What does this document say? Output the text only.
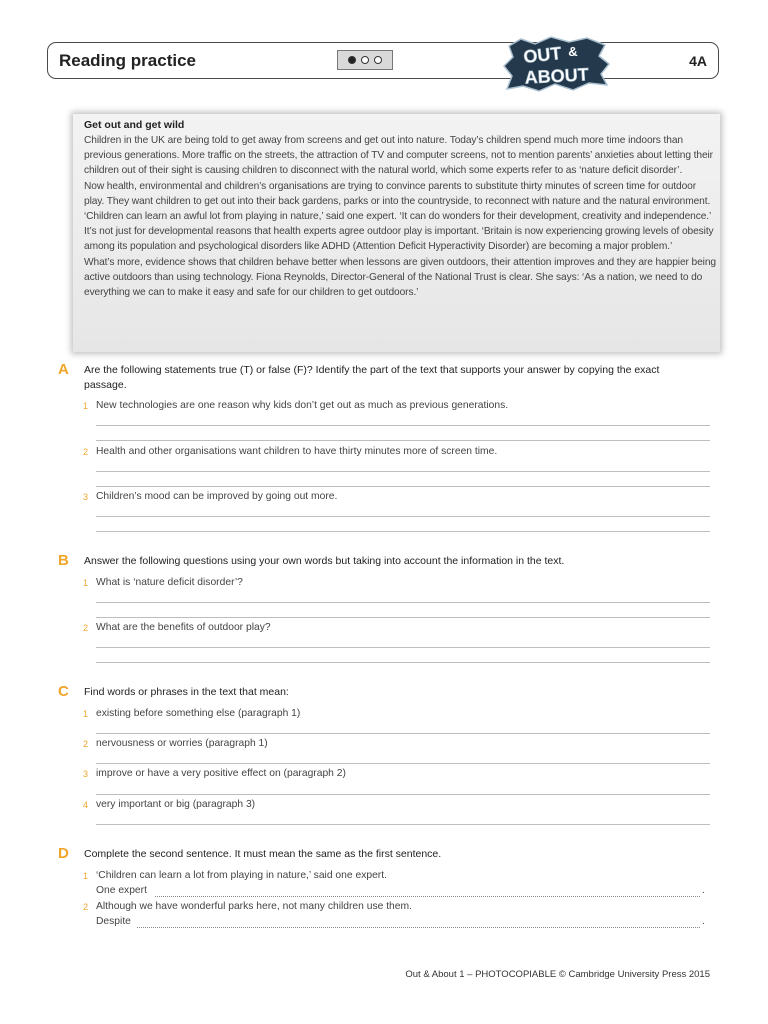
Reading practice	4A
OUT &
ABOUT
Get out and get wild

Children in the UK are being told to get away from screens and get out into nature. Today’s children spend much more time indoors than previous generations. More traffic on the streets, the attraction of TV and computer screens, not to mention parents’ anxieties about letting their children out of their sight is causing children to disconnect with the natural world, which some experts refer to as ‘nature deficit disorder’.

Now health, environmental and children’s organisations are trying to convince parents to substitute thirty minutes of screen time for outdoor play. They want children to get out into their back gardens, parks or into the countryside, to reconnect with nature and the natural environment. ‘Children can learn an awful lot from playing in nature,’ said one expert. ‘It can do wonders for their development, creativity and independence.’

It’s not just for developmental reasons that health experts agree outdoor play is important. ‘Britain is now experiencing growing levels of obesity among its population and psychological disorders like ADHD (Attention Deficit Hyperactivity Disorder) are becoming a major problem.’

What’s more, evidence shows that children behave better when lessons are given outdoors, their attention improves and they are happier being active outdoors than using technology. Fiona Reynolds, Director-General of the National Trust is clear. She says: ‘As a nation, we need to do everything we can to make it easy and safe for our children to get outdoors.’

A Are the following statements true (T) or false (F)? Identify the part of the text that supports your answer by copying the exact passage.
1 New technologies are one reason why kids don’t get out as much as previous generations.
2 Health and other organisations want children to have thirty minutes more of screen time.
3 Children’s mood can be improved by going out more.
B Answer the following questions using your own words but taking into account the information in the text.
1 What is ‘nature deficit disorder’?
2 What are the benefits of outdoor play?
C Find words or phrases in the text that mean:
1 existing before something else (paragraph 1)
2 nervousness or worries (paragraph 1)
3 improve or have a very positive effect on (paragraph 2)
4 very important or big (paragraph 3)
D Complete the second sentence. It must mean the same as the first sentence.
1 ‘Children can learn a lot from playing in nature,’ said one expert.
One expert	.
2 Although we have wonderful parks here, not many children use them.
Despite	.
Out & About 1 – PHOTOCOPIABLE © Cambridge University Press 2015
